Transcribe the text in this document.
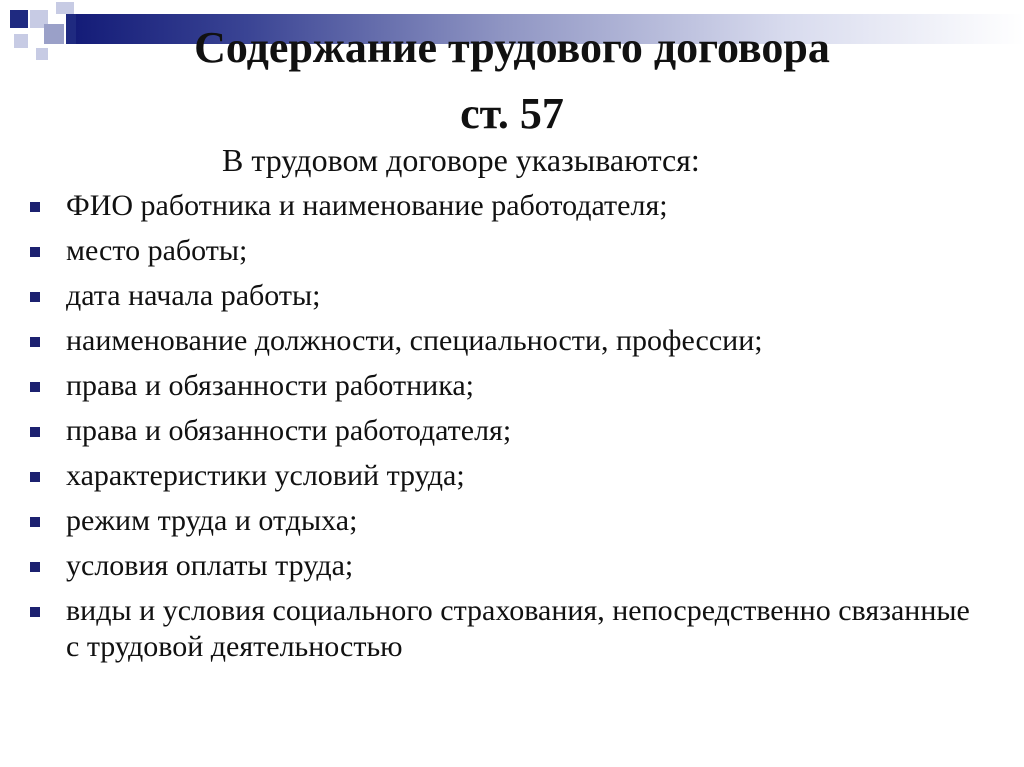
Содержание трудового договора
ст. 57
В трудовом договоре указываются:
ФИО работника и наименование работодателя;
место работы;
дата начала работы;
наименование должности, специальности, профессии;
права и обязанности работника;
права и обязанности работодателя;
характеристики условий труда;
режим труда и отдыха;
условия оплаты труда;
виды и условия социального страхования, непосредственно связанные с трудовой деятельностью
